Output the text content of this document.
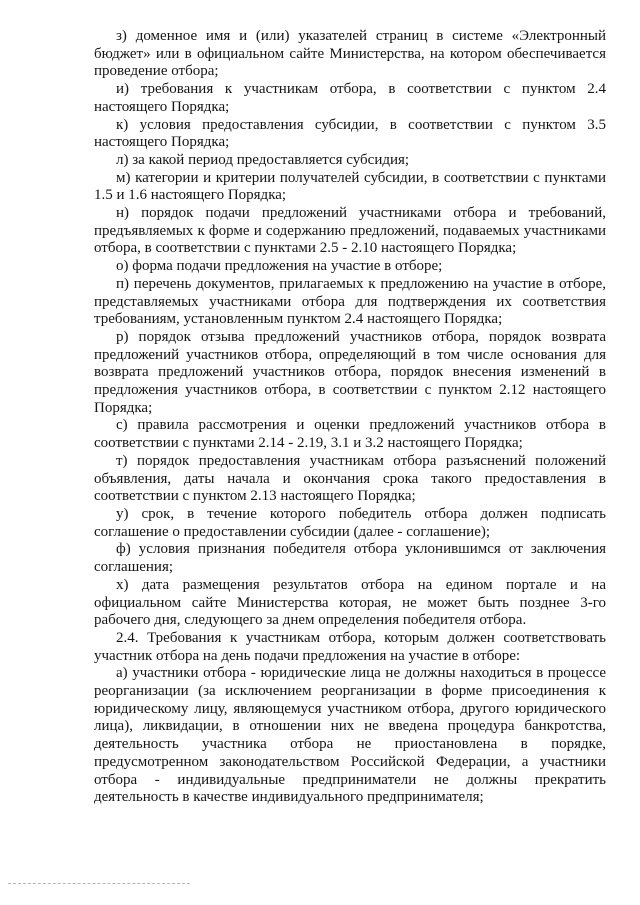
з) доменное имя и (или) указателей страниц в системе «Электронный бюджет» или в официальном сайте Министерства, на котором обеспечивается проведение отбора;

и) требования к участникам отбора, в соответствии с пунктом 2.4 настоящего Порядка;

к) условия предоставления субсидии, в соответствии с пунктом 3.5 настоящего Порядка;

л) за какой период предоставляется субсидия;

м) категории и критерии получателей субсидии, в соответствии с пунктами 1.5 и 1.6 настоящего Порядка;

н) порядок подачи предложений участниками отбора и требований, предъявляемых к форме и содержанию предложений, подаваемых участниками отбора, в соответствии с пунктами 2.5 - 2.10 настоящего Порядка;

о) форма подачи предложения на участие в отборе;

п) перечень документов, прилагаемых к предложению на участие в отборе, представляемых участниками отбора для подтверждения их соответствия требованиям, установленным пунктом 2.4 настоящего Порядка;

р) порядок отзыва предложений участников отбора, порядок возврата предложений участников отбора, определяющий в том числе основания для возврата предложений участников отбора, порядок внесения изменений в предложения участников отбора, в соответствии с пунктом 2.12 настоящего Порядка;

с) правила рассмотрения и оценки предложений участников отбора в соответствии с пунктами 2.14 - 2.19, 3.1 и 3.2 настоящего Порядка;

т) порядок предоставления участникам отбора разъяснений положений объявления, даты начала и окончания срока такого предоставления в соответствии с пунктом 2.13 настоящего Порядка;

у) срок, в течение которого победитель отбора должен подписать соглашение о предоставлении субсидии (далее - соглашение);

ф) условия признания победителя отбора уклонившимся от заключения соглашения;

х) дата размещения результатов отбора на едином портале и на официальном сайте Министерства которая, не может быть позднее 3-го рабочего дня, следующего за днем определения победителя отбора.

2.4. Требования к участникам отбора, которым должен соответствовать участник отбора на день подачи предложения на участие в отборе:

а) участники отбора - юридические лица не должны находиться в процессе реорганизации (за исключением реорганизации в форме присоединения к юридическому лицу, являющемуся участником отбора, другого юридического лица), ликвидации, в отношении них не введена процедура банкротства, деятельность участника отбора не приостановлена в порядке, предусмотренном законодательством Российской Федерации, а участники отбора - индивидуальные предприниматели не должны прекратить деятельность в качестве индивидуального предпринимателя;
